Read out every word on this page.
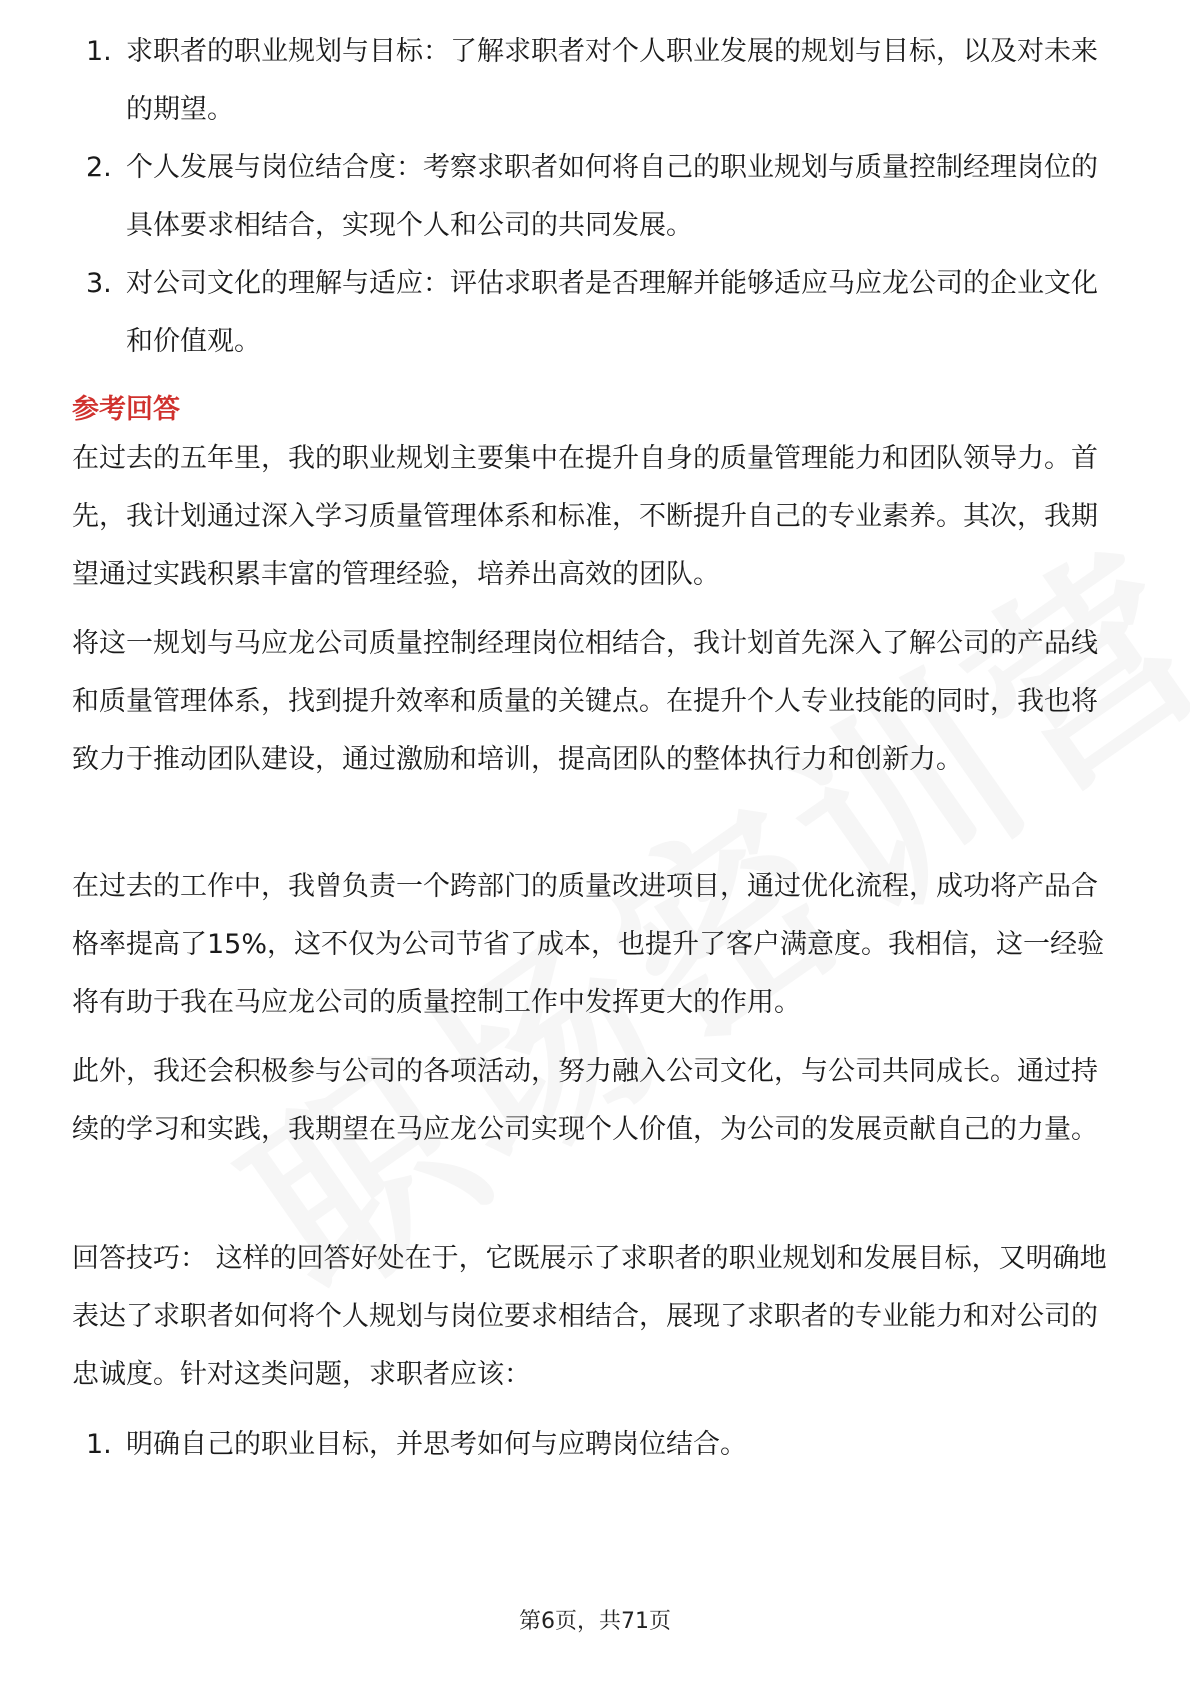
1. 求职者的职业规划与目标：了解求职者对个人职业发展的规划与目标，以及对未来的期望。
2. 个人发展与岗位结合度：考察求职者如何将自己的职业规划与质量控制经理岗位的具体要求相结合，实现个人和公司的共同发展。
3. 对公司文化的理解与适应：评估求职者是否理解并能够适应马应龙公司的企业文化和价值观。
参考回答

在过去的五年里，我的职业规划主要集中在提升自身的质量管理能力和团队领导力。首先，我计划通过深入学习质量管理体系和标准，不断提升自己的专业素养。其次，我期望通过实践积累丰富的管理经验，培养出高效的团队。

将这一规划与马应龙公司质量控制经理岗位相结合，我计划首先深入了解公司的产品线和质量管理体系，找到提升效率和质量的关键点。在提升个人专业技能的同时，我也将致力于推动团队建设，通过激励和培训，提高团队的整体执行力和创新力。

在过去的工作中，我曾负责一个跨部门的质量改进项目，通过优化流程，成功将产品合格率提高了15%，这不仅为公司节省了成本，也提升了客户满意度。我相信，这一经验将有助于我在马应龙公司的质量控制工作中发挥更大的作用。

此外，我还会积极参与公司的各项活动，努力融入公司文化，与公司共同成长。通过持续的学习和实践，我期望在马应龙公司实现个人价值，为公司的发展贡献自己的力量。

回答技巧： 这样的回答好处在于，它既展示了求职者的职业规划和发展目标，又明确地表达了求职者如何将个人规划与岗位要求相结合，展现了求职者的专业能力和对公司的忠诚度。针对这类问题，求职者应该：

1. 明确自己的职业目标，并思考如何与应聘岗位结合。
第6页，共71页
